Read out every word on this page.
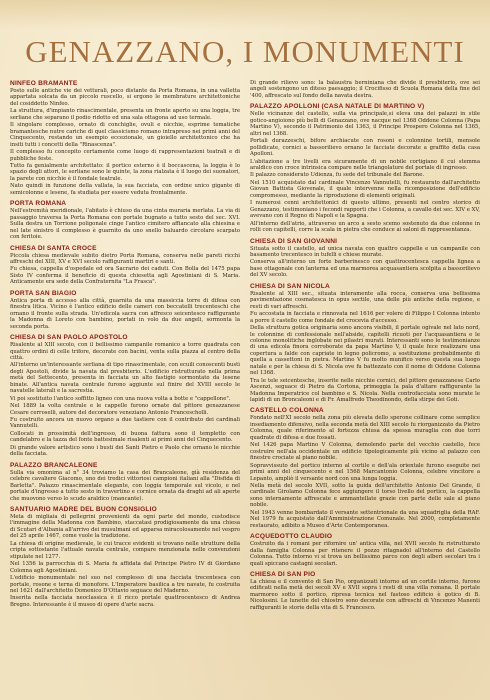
GENAZZANO, I MONUMENTI
NINFEO BRAMANTE
Posto sulle antiche vie dei vetturali, poco distante da Porta Romana, in una valletta appartata solcata da un piccolo ruscello, si ergono le membrature architettoniche del cosiddetto Ninfeo.
La struttura, d'impianto rinascimentale, presenta un fronte aperto su una loggia, tre serliane che separano il podio ridotto ed una sala ottagona ad uso termale.
Il singolare complesso, ornato di conchiglie, ovuli e nicchie, esprime tematiche bramantesche nutre cariche di quel classicismo romano intrapreso nei primi anni del Cinquecento, restando un esempio eccezionale, un gioiello architettonico che ha insiti tutti i concetti della "Rinascenza".
Il complesso fu concepito certamente come luogo di rappresentazioni teatrali e di pubbliche feste.
Tutto fa genialmente architettato: il portico esterno è il boccascena, la loggia è lo spazio degli attori, le serliane sono le quinte, la zona rialzata è il luogo dei suonatori, la parete con nicchie è il fondale teatrale.
Nato quindi in funzione della vallata, la sua facciata, con ordine unico gigante di semicolonne e lesene, fa studiata per essere veduta frontalmente.
PORTA ROMANA
Nell'estremità meridionale, l'abitato è chiuso da una cinta muraria merlata. La via di passaggio traversa la Porta Romana con portale bugnato a tutto sesto del sec. XVI. Sulla destra un Torrione poligonale cinge l'antico cimitero affiancato alla chiesina e nel late sinistro il complesso è guarnito da uno snello baluardo circolare scarpato con feritoie.
CHIESA DI SANTA CROCE
Piccola chiesa medievale subito dietro Porta Romana, conserva nelle pareti ricchi affreschi del XIII, XV e XVI secolo raffiguranti martiri e santi.
Fu chiesa, cappella d'ospedale ed ora Sacrario dei caduti. Con Bolla del 1475 papa Sisto IV conferma il beneficio di questa chiesetta agli Agostiniani di S. Maria. Anticamente era sede della Confraternita "La Frasca".
PORTA SAN BIAGIO
Antica porta di accesso alla città, guarnita da una massiccia torre di difesa con finestra litica. Vicino è l'antico edificio delle cameri con beccatelli trecenteschi che ornano il fronte sulla strada. Un'edicola sacra con affresco seicentesco raffigurante la Madonna di Loreto con bambino, portati in volo da due angeli, sormonta la seconda porta.
CHIESA DI SAN PAOLO APOSTOLO
Risalente al XIII secolo, con il bellissimo campanile romanico a torre quadrata con quattro ordini di celle trifore, decorate con bacini, venta sulla piazza al centro della città.
All'interno un'interessante serliana di tipo rinascimentale, con ecuili conoscenti busti degli Apostoli, divide la navata dal presbiterio. L'edificio ristrutturato nella prima metà del Settecento, presenta in facciata un alto fastigio sormontato da lesene binate. All'antica navata centrale furono aggiunte sul finire del XVIII secolo le navatelle laterali e la sacrestia.
Vi poi sostituito l'antico soffitto ligneo con una nuova volta a botte e "cappellone".
Nel 1889 la volta centrale e le cappelle furono ornate dal pittore genazzanese Cesare cerroselli, autore del decoratore veneziano Antonio Francescholli.
Fu costruito ancora un nuovo organo a due tastiere con il contributo dei cardinali Vannutelli.
Collocati in prossimità dell'ingresso, di buona fattura sono il templetto con candelabro e la tazza del fonte battesimale risalenti ai primi anni del Cinquecento.
Di grande valore artistico sono i busti dei Santi Pietro e Paolo che ornano le nicchie della facciata.
PALAZZO BRANCALEONE
Sulla via omonima al n° 34 troviamo la casa dei Brancaleone, già residenza del celebre cavaliere Giacomo, uno dei tredici vittoriosi campioni italiani alla "Disfida di Barletta". Palazzo rinascimentale elegante, con loggia temporale sul vicolo, e nel portale d'ingresso a tutto sesto in travertino e cornice ornata da draghi ad ali aperte che muovono verso lo scudo araldico (mancante).
SANTUARIO MADRE DEL BUON CONSIGLIO
Meta di migliaia di pellegrini provenienti da ogni parte del mondo, custodisce l'immagine della Madonna con Bambino, staccatasi prodigiosamente da una chiesa di Scutari d'Albania all'arrivo dei musulmani ed apparsa miracolosamente nel vespro del 25 aprile 1467, come vuole la tradizione.
La chiesa di origine medievale, le cui tracce evidenti si trovano nelle strutture della cripta sottostante l'attuale navata centrale, compare menzionata nelle convenzioni stipulate nel 1277.
Nel 1356 la parrocchia di S. Maria fu affidata dal Principe Pietro IV di Giordano Colonna agli Agostiniani.
L'edificio monumentale nel suo nel complesso di una facciata trecentesca con portale, rosone e terna di monofore. L'Imperatore basilica a tre navate, fu costruita nel 1621 dall'architetto Domenico D'Ottavio seguace del Maderno.
Inserita nella facciata neoclassica è il ricco portale quattrocentesco di Andrea Bregno. Interessante è il museo di opere d'arte sacra.
Di grande rilievo sono: la balaustra berniniana che divide il presbiterio, ove sei angeli sostengono un diteso paesaggio; il Crocifisso di Scuola Romana della fine del '400, affrescato sul fondo della navata destra.
PALAZZO APOLLONI (CASA NATALE DI MARTINO V)
Nelle vicinanze del castello, sulla via principale,si eleva una dei palazzi in stile gotico-angioiono più belli di Genazzano, ove nacque nel 1368 Oddone Colonna (Papa Martino V), secondo il Patrimonio del 1363, il Principe Prospero Colonna nel 1365, altri nel 1368.
Portali durazzeschi, bifore archiacute con rosoni e colonnine tortili, mensole pollidicate, cornici a bassorilievo ornano le facciate decorate a graffito della casa Apolloni.
L'abitazione a tre livelli era sicuramente di un nobile cortigiano il cui stemma araldico con croce intrinsica compare nelle triangolature del portale di ingresso.
Il palazzo considerato Udienza, fu sede del tribunale del Barone.
Nel 1510 acquistato dal cardinale Vincenzo Vannutelli, fu restaurato dall'architetto Giovan Battista Giovenale, il quale intervenne nella ricomposizione dell'edificio compromesso, mediante la riproduzione di elementi originali.
I numerosi cenni architettonici di questo ultimo, presenti nel centro storico di Genazzano, testimoniano i fecondi rapporti che i Colonna, a cavallo dei sec. XIV e XV, avevano con il Regno di Napoli e la Spagna.
All'interno dell'atrio, attraverso un arco a sesto scemo sostenuto da due colonne in rolli con capitelli, corre la scala in pietra che conduce ai saloni di rappresentanza.
CHIESA DI SAN GIOVANNI
Situata sotto il castello, ad unica navata con quattro cappelle e un campanile con basamento trecentesco in tufelli e chiese murate.
Conserva all'interno un forte barberinesco con quattrocentesca cappella lignea a base ottagonale con lanterna ed una marmorea acquasantiera scolpita a bassorilievo del XV secolo.
CHIESA DI SAN NICOLA
Risalente al XIII sec., situata interamente alla rocca, conserva una bellissima pavimentazione cosmatesca in opus sectile, una delle più antiche della regione, e resti di vari affreschi.
Fu accostata in facciata e rinnovata nel 1616 per volere di Filippo I Colonna intento a porre il castello come fondale del crocevia d'accesso.
Della struttura gotica originaria sono ancora visibili, il portale ogivale nel lato nord, le colonnine di confessionale nell'abside, capitelli ricuoti per l'acquasantiera e le colonne monolitiche inglobate nei pilastri murati. Interessanti sono le testimonianze di una edicola finora corroborate da papa Martino V, il quale fece realizzare una copertura a falde con capriate in legno policromo, a sostituzione probabilmente di quella a cassettoni in pietra. Martino V fu molto munifico verso questa sua luogo natale e per la chiesa di S. Nicola ove fu battezzato con il nome di Oddone Colonna nel 1368.
Tra le tele seicentesche, inserite nelle nicchie cornici, del pittore genazzanese Carlo Ascenzi, seguace di Pietro da Cortona, primeggia la pala d'altare raffigurante la Madonna Imperatrice col bambino e S. Nicola. Nella controfacciata sono murate le lapidi di un Broncaleoni e di Fr. Amalfredo Theodinondo, della stirpe dei Goti.
CASTELLO COLONNA
Fondato nell'XI secolo nella zona più elevata dello sperone collinare come semplice insediamento difensivo, nella seconda metà del XIII secolo fu riorganizzato da Pietro Colonna, quale riferimento al fortezza chiusa da spessa muraglia con due torri quadrate di difesa e due fossati.
Nel 1426 papa Martino V Colonna, demolendo parte del vecchio castello, fece costruire nell'ala occidentale un edificio tipologicamente più vicino al palazzo con finestre crociate al piano nobile.
Sopravvissuto del portico interno al cortile e dell'ala orientale furono eseguite nei primi anni del cinquecento e nel 1568 Marcantonio Colonna, celebre vincitore a Lepanto, ampliò il versante nord con una lunga loggia.
Nella metà del secolo XVII, sotto la guida dell'architetto Antonio Del Grande, il cardinale Girolamo Colonna fece aggiungere il torso livello del portico, la cappella sono internamente affrescate e ammantellate grazie con parte delle sale al piano nobile.
Nel 1943 venne bombardato il versante settentrionale da una squadriglia della RAF. Nel 1979 fu acquistato dall'Amministrazione Comunale. Nel 2000, completamente restaurato, adibito a Museo d'Arte Contemporanea.
ACQUEDOTTO CLAUDIO
Costruito da i romani per rifornire un' antica villa, nel XVII secolo fu ristrutturato dalla famiglia Colonna per ritenere il pozzo ritagnadol all'interno del Castello Colonna. Tutto intorno vi si trova un bellissimo parco con degli alberi secolari tra i quali spiccano castagni secolari.
CHIESA DI SAN PIO
La chiesa e il convento di San Pio, organizzati intorno ad un cortile interno, furono edificati nella metà dei secoli XV e XVII sopra i resti di una villa romana. Il portale marmoreo sotto il portico, ripresa tecnica nel fastoso edificio è gotico di B. Nicolosini. Le lunette del chiostro sono decorate con affreschi di Vincenzo Manenti raffiguranti le storie della vita di S. Francesco.
